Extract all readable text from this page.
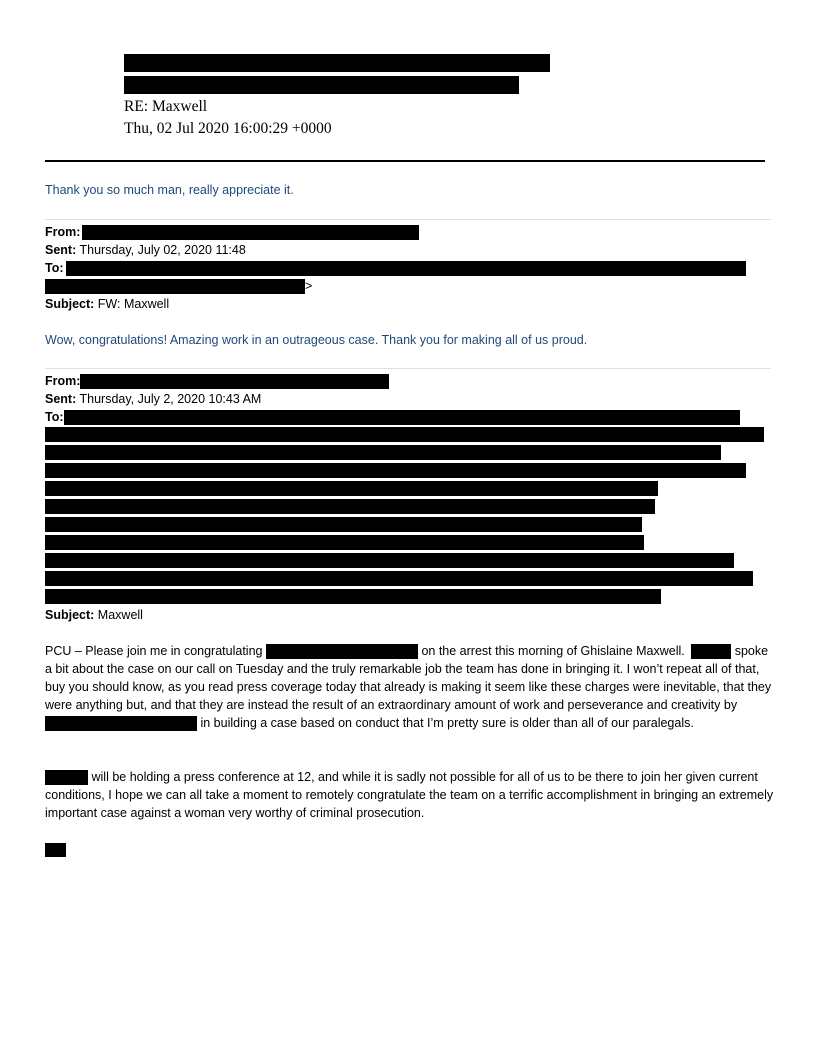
RE: Maxwell
Thu, 02 Jul 2020 16:00:29 +0000
Thank you so much man, really appreciate it.
From:
Sent: Thursday, July 02, 2020 11:48
To:
>
Subject: FW: Maxwell
Wow, congratulations! Amazing work in an outrageous case. Thank you for making all of us proud.
From:
Sent: Thursday, July 2, 2020 10:43 AM
To:
Subject: Maxwell
PCU – Please join me in congratulating	on the arrest this morning of Ghislaine Maxwell.	spoke a bit about the case on our call on Tuesday and the truly remarkable job the team has done in bringing it. I won’t repeat all of that, buy you should know, as you read press coverage today that already is making it seem like these charges were inevitable, that they were anything but, and that they are instead the result of an extraordinary amount of work and perseverance and creativity by  in building a case based on conduct that I’m pretty sure is older than all of our paralegals.
will be holding a press conference at 12, and while it is sadly not possible for all of us to be there to join her given current conditions, I hope we can all take a moment to remotely congratulate the team on a terrific accomplishment in bringing an extremely important case against a woman very worthy of criminal prosecution.
